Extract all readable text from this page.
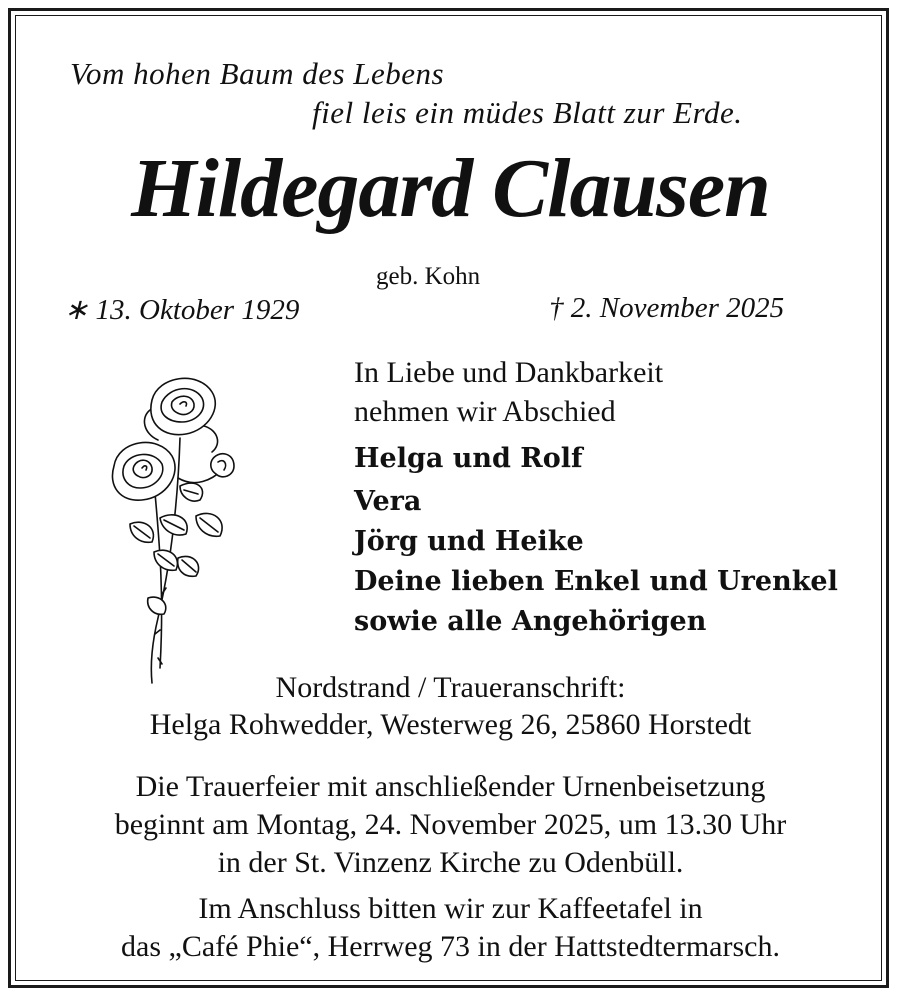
Vom hohen Baum des Lebens
fiel leis ein müdes Blatt zur Erde.
Hildegard Clausen
geb. Kohn
∗ 13. Oktober 1929	† 2. November 2025
In Liebe und Dankbarkeit
nehmen wir Abschied
Helga und Rolf
Vera
Jörg und Heike
Deine lieben Enkel und Urenkel
sowie alle Angehörigen
Nordstrand / Traueranschrift:
Helga Rohwedder, Westerweg 26, 25860 Horstedt
Die Trauerfeier mit anschließender Urnenbeisetzung
beginnt am Montag, 24. November 2025, um 13.30 Uhr
in der St. Vinzenz Kirche zu Odenbüll.
Im Anschluss bitten wir zur Kaffeetafel in
das „Café Phie“, Herrweg 73 in der Hattstedtermarsch.
